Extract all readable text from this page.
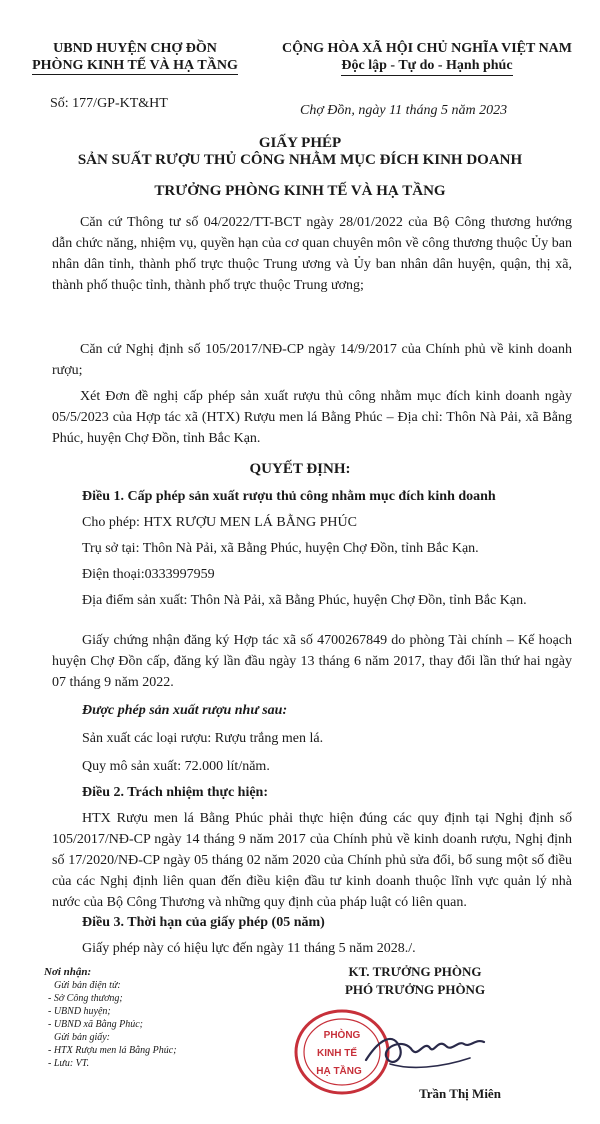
UBND HUYỆN CHỢ ĐỒN
PHÒNG KINH TẾ VÀ HẠ TẦNG
CỘNG HÒA XÃ HỘI CHỦ NGHĨA VIỆT NAM
Độc lập - Tự do - Hạnh phúc
Số: 177/GP-KT&HT	Chợ Đồn, ngày 11 tháng 5 năm 2023
GIẤY PHÉP
SẢN SUẤT RƯỢU THỦ CÔNG NHẰM MỤC ĐÍCH KINH DOANH
TRƯỞNG PHÒNG KINH TẾ VÀ HẠ TẦNG
Căn cứ Thông tư số 04/2022/TT-BCT ngày 28/01/2022 của Bộ Công thương hướng dẫn chức năng, nhiệm vụ, quyền hạn của cơ quan chuyên môn về công thương thuộc Ủy ban nhân dân tỉnh, thành phố trực thuộc Trung ương và Ủy ban nhân dân huyện, quận, thị xã, thành phố thuộc tỉnh, thành phố trực thuộc Trung ương;
Căn cứ Nghị định số 105/2017/NĐ-CP ngày 14/9/2017 của Chính phủ về kinh doanh rượu;
Xét Đơn đề nghị cấp phép sản xuất rượu thủ công nhằm mục đích kinh doanh ngày 05/5/2023 của Hợp tác xã (HTX) Rượu men lá Bằng Phúc – Địa chỉ: Thôn Nà Pải, xã Bằng Phúc, huyện Chợ Đồn, tỉnh Bắc Kạn.
QUYẾT ĐỊNH:
Điều 1. Cấp phép sản xuất rượu thủ công nhằm mục đích kinh doanh
Cho phép: HTX RƯỢU MEN LÁ BẰNG PHÚC
Trụ sở tại: Thôn Nà Pải, xã Bằng Phúc, huyện Chợ Đồn, tỉnh Bắc Kạn.
Điện thoại:0333997959
Địa điểm sản xuất: Thôn Nà Pải, xã Bằng Phúc, huyện Chợ Đồn, tỉnh Bắc Kạn.
Giấy chứng nhận đăng ký Hợp tác xã số 4700267849 do phòng Tài chính – Kế hoạch huyện Chợ Đồn cấp, đăng ký lần đầu ngày 13 tháng 6 năm 2017, thay đổi lần thứ hai ngày 07 tháng 9 năm 2022.
Được phép sản xuất rượu như sau:
Sản xuất các loại rượu: Rượu trắng men lá.
Quy mô sản xuất: 72.000 lít/năm.
Điều 2. Trách nhiệm thực hiện:
HTX Rượu men lá Bằng Phúc phải thực hiện đúng các quy định tại Nghị định số 105/2017/NĐ-CP ngày 14 tháng 9 năm 2017 của Chính phủ về kinh doanh rượu, Nghị định số 17/2020/NĐ-CP ngày 05 tháng 02 năm 2020 của Chính phủ sửa đổi, bổ sung một số điều của các Nghị định liên quan đến điều kiện đầu tư kinh doanh thuộc lĩnh vực quản lý nhà nước của Bộ Công Thương và những quy định của pháp luật có liên quan.
Điều 3. Thời hạn của giấy phép (05 năm)
Giấy phép này có hiệu lực đến ngày 11 tháng 5 năm 2028./.
Nơi nhận:
Gửi bản điện tử:
- Sở Công thương;
- UBND huyện;
- UBND xã Bằng Phúc;
Gửi bản giấy:
- HTX Rượu men lá Bằng Phúc;
- Lưu: VT.
KT. TRƯỞNG PHÒNG
PHÓ TRƯỞNG PHÒNG
PHÒNG
KINH TẾ
HẠ TẦNG
Trần Thị Miên
